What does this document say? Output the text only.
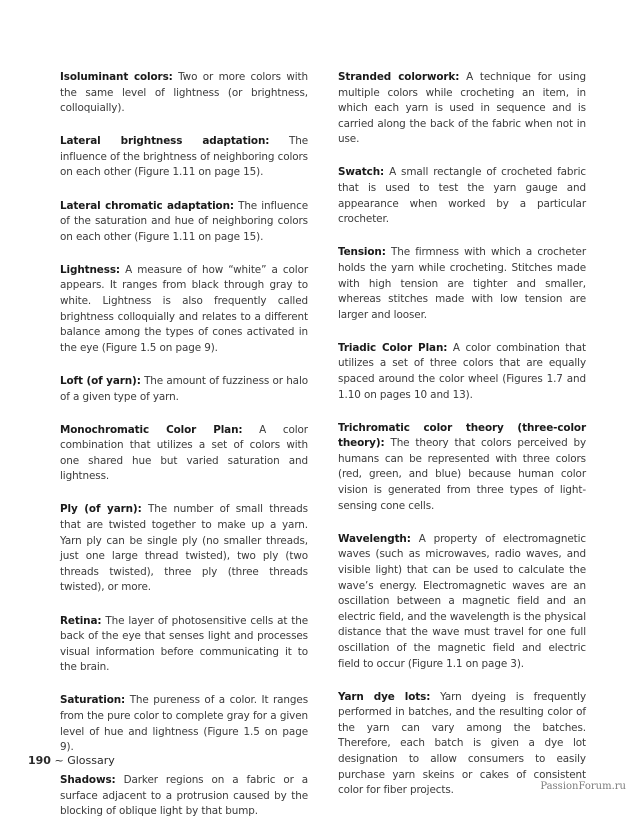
Isoluminant colors: Two or more colors with the same level of lightness (or brightness, colloquially).

Lateral brightness adaptation: The influence of the brightness of neighboring colors on each other (Figure 1.11 on page 15).

Lateral chromatic adaptation: The influence of the saturation and hue of neighboring colors on each other (Figure 1.11 on page 15).

Lightness: A measure of how “white” a color appears. It ranges from black through gray to white. Lightness is also frequently called brightness colloquially and relates to a different balance among the types of cones activated in the eye (Figure 1.5 on page 9).

Loft (of yarn): The amount of fuzziness or halo of a given type of yarn.

Monochromatic Color Plan: A color combination that utilizes a set of colors with one shared hue but varied saturation and lightness.

Ply (of yarn): The number of small threads that are twisted together to make up a yarn. Yarn ply can be single ply (no smaller threads, just one large thread twisted), two ply (two threads twisted), three ply (three threads twisted), or more.

Retina: The layer of photosensitive cells at the back of the eye that senses light and processes visual information before communicating it to the brain.

Saturation: The pureness of a color. It ranges from the pure color to complete gray for a given level of hue and lightness (Figure 1.5 on page 9).

Shadows: Darker regions on a fabric or a surface adjacent to a protrusion caused by the blocking of oblique light by that bump.

Stranded colorwork: A technique for using multiple colors while crocheting an item, in which each yarn is used in sequence and is carried along the back of the fabric when not in use.

Swatch: A small rectangle of crocheted fabric that is used to test the yarn gauge and appearance when worked by a particular crocheter.

Tension: The firmness with which a crocheter holds the yarn while crocheting. Stitches made with high tension are tighter and smaller, whereas stitches made with low tension are larger and looser.

Triadic Color Plan: A color combination that utilizes a set of three colors that are equally spaced around the color wheel (Figures 1.7 and 1.10 on pages 10 and 13).

Trichromatic color theory (three-color theory): The theory that colors perceived by humans can be represented with three colors (red, green, and blue) because human color vision is generated from three types of light-sensing cone cells.

Wavelength: A property of electromagnetic waves (such as microwaves, radio waves, and visible light) that can be used to calculate the wave’s energy. Electromagnetic waves are an oscillation between a magnetic field and an electric field, and the wavelength is the physical distance that the wave must travel for one full oscillation of the magnetic field and electric field to occur (Figure 1.1 on page 3).

Yarn dye lots: Yarn dyeing is frequently performed in batches, and the resulting color of the yarn can vary among the batches. Therefore, each batch is given a dye lot designation to allow consumers to easily purchase yarn skeins or cakes of consistent color for fiber projects.

190 ~ Glossary
PassionForum.ru
